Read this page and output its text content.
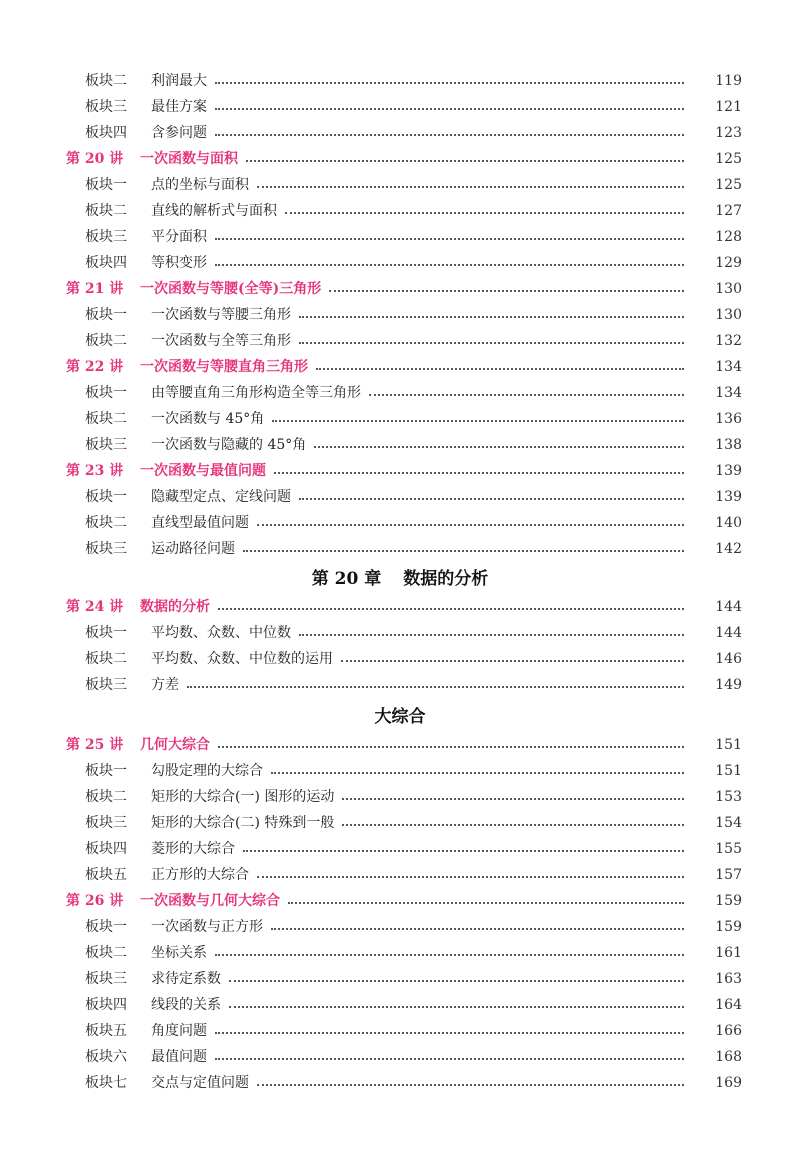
板块二 利润最大	119
板块三 最佳方案	121
板块四 含参问题	123
第 20 讲 一次函数与面积	125
板块一 点的坐标与面积	125
板块二 直线的解析式与面积	127
板块三 平分面积	128
板块四 等积变形	129
第 21 讲 一次函数与等腰(全等)三角形	130
板块一 一次函数与等腰三角形	130
板块二 一次函数与全等三角形	132
第 22 讲 一次函数与等腰直角三角形	134
板块一 由等腰直角三角形构造全等三角形	134
板块二 一次函数与 45°角	136
板块三 一次函数与隐藏的 45°角	138
第 23 讲 一次函数与最值问题	139
板块一 隐藏型定点、定线问题	139
板块二 直线型最值问题	140
板块三 运动路径问题	142
第 20 章 数据的分析
第 24 讲 数据的分析	144
板块一 平均数、众数、中位数	144
板块二 平均数、众数、中位数的运用	146
板块三 方差	149
大综合
第 25 讲 几何大综合	151
板块一 勾股定理的大综合	151
板块二 矩形的大综合(一) 图形的运动	153
板块三 矩形的大综合(二) 特殊到一般	154
板块四 菱形的大综合	155
板块五 正方形的大综合	157
第 26 讲 一次函数与几何大综合	159
板块一 一次函数与正方形	159
板块二 坐标关系	161
板块三 求待定系数	163
板块四 线段的关系	164
板块五 角度问题	166
板块六 最值问题	168
板块七 交点与定值问题	169
